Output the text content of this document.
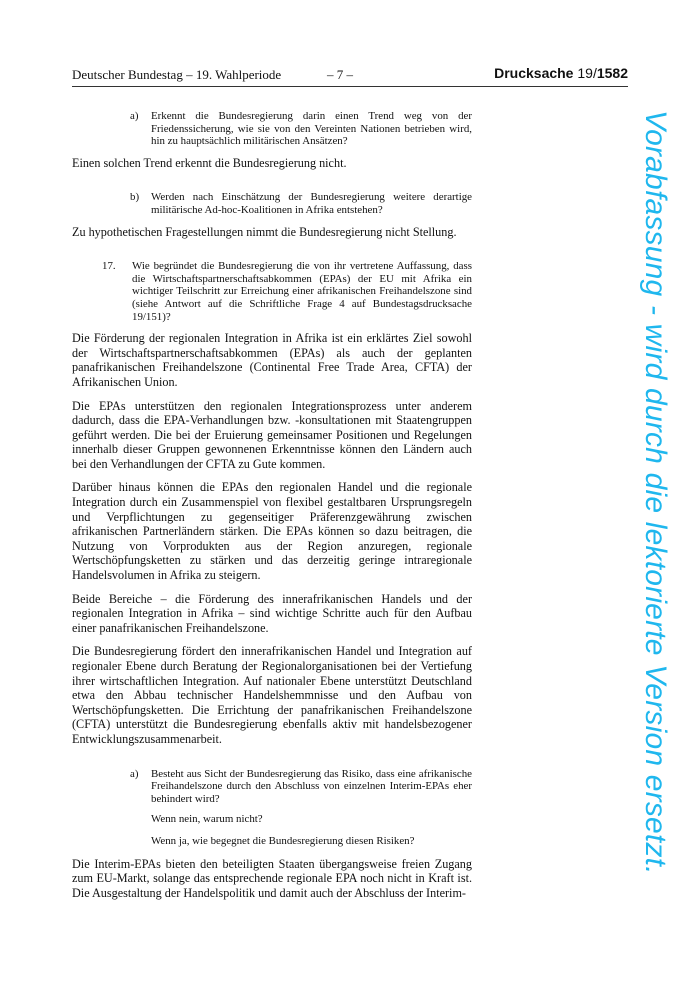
Deutscher Bundestag – 19. Wahlperiode	– 7 –	Drucksache 19/1582
a) Erkennt die Bundesregierung darin einen Trend weg von der Friedenssicherung, wie sie von den Vereinten Nationen betrieben wird, hin zu hauptsächlich militärischen Ansätzen?

Einen solchen Trend erkennt die Bundesregierung nicht.

b) Werden nach Einschätzung der Bundesregierung weitere derartige militärische Ad-hoc-Koalitionen in Afrika entstehen?

Zu hypothetischen Fragestellungen nimmt die Bundesregierung nicht Stellung.

17. Wie begründet die Bundesregierung die von ihr vertretene Auffassung, dass die Wirtschaftspartnerschaftsabkommen (EPAs) der EU mit Afrika ein wichtiger Teilschritt zur Erreichung einer afrikanischen Freihandelszone sind (siehe Antwort auf die Schriftliche Frage 4 auf Bundestagsdrucksache 19/151)?

Die Förderung der regionalen Integration in Afrika ist ein erklärtes Ziel sowohl der Wirtschaftspartnerschaftsabkommen (EPAs) als auch der geplanten panafrikanischen Freihandelszone (Continental Free Trade Area, CFTA) der Afrikanischen Union.

Die EPAs unterstützen den regionalen Integrationsprozess unter anderem dadurch, dass die EPA-Verhandlungen bzw. -konsultationen mit Staatengruppen geführt werden. Die bei der Eruierung gemeinsamer Positionen und Regelungen innerhalb dieser Gruppen gewonnenen Erkenntnisse können den Ländern auch bei den Verhandlungen der CFTA zu Gute kommen.

Darüber hinaus können die EPAs den regionalen Handel und die regionale Integration durch ein Zusammenspiel von flexibel gestaltbaren Ursprungsregeln und Verpflichtungen zu gegenseitiger Präferenzgewährung zwischen afrikanischen Partnerländern stärken. Die EPAs können so dazu beitragen, die Nutzung von Vorprodukten aus der Region anzuregen, regionale Wertschöpfungsketten zu stärken und das derzeitig geringe intraregionale Handelsvolumen in Afrika zu steigern.

Beide Bereiche – die Förderung des innerafrikanischen Handels und der regionalen Integration in Afrika – sind wichtige Schritte auch für den Aufbau einer panafrikanischen Freihandelszone.

Die Bundesregierung fördert den innerafrikanischen Handel und Integration auf regionaler Ebene durch Beratung der Regionalorganisationen bei der Vertiefung ihrer wirtschaftlichen Integration. Auf nationaler Ebene unterstützt Deutschland etwa den Abbau technischer Handelshemmnisse und den Aufbau von Wertschöpfungsketten. Die Errichtung der panafrikanischen Freihandelszone (CFTA) unterstützt die Bundesregierung ebenfalls aktiv mit handelsbezogener Entwicklungszusammenarbeit.

a) Besteht aus Sicht der Bundesregierung das Risiko, dass eine afrikanische Freihandelszone durch den Abschluss von einzelnen Interim-EPAs eher behindert wird?
Wenn nein, warum nicht?
Wenn ja, wie begegnet die Bundesregierung diesen Risiken?

Die Interim-EPAs bieten den beteiligten Staaten übergangsweise freien Zugang zum EU-Markt, solange das entsprechende regionale EPA noch nicht in Kraft ist. Die Ausgestaltung der Handelspolitik und damit auch der Abschluss der Interim-

Vorabfassung - wird durch die lektorierte Version ersetzt.
